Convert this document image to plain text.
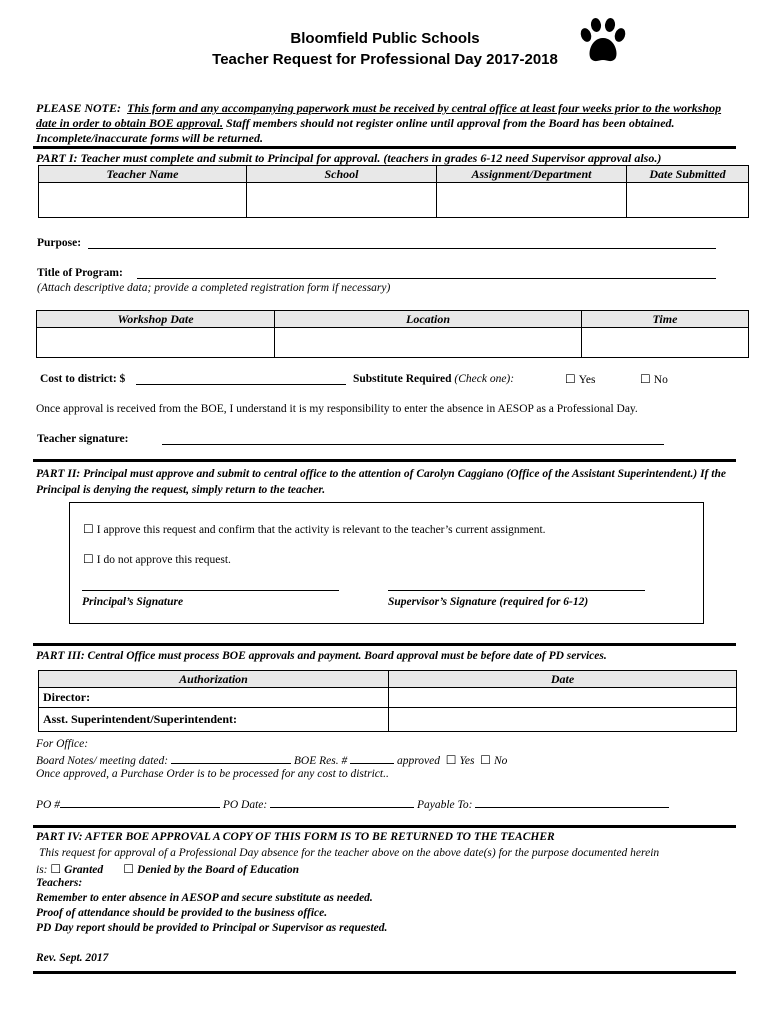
Bloomfield Public Schools
Teacher Request for Professional Day 2017-2018
PLEASE NOTE: This form and any accompanying paperwork must be received by central office at least four weeks prior to the workshop date in order to obtain BOE approval. Staff members should not register online until approval from the Board has been obtained. Incomplete/inaccurate forms will be returned.
PART I: Teacher must complete and submit to Principal for approval. (teachers in grades 6-12 need Supervisor approval also.)
Teacher Name	School	Assignment/Department	Date Submitted

Purpose:
Title of Program:
(Attach descriptive data; provide a completed registration form if necessary)
Workshop Date	Location	Time

Cost to district: $	Substitute Required (Check one):	☐ Yes	☐ No
Once approval is received from the BOE, I understand it is my responsibility to enter the absence in AESOP as a Professional Day.
Teacher signature:
PART II: Principal must approve and submit to central office to the attention of Carolyn Caggiano (Office of the Assistant Superintendent.) If the Principal is denying the request, simply return to the teacher.
☐ I approve this request and confirm that the activity is relevant to the teacher’s current assignment.
☐ I do not approve this request.
Principal’s Signature	Supervisor’s Signature (required for 6-12)
PART III: Central Office must process BOE approvals and payment. Board approval must be before date of PD services.
Authorization	Date
Director:	
Asst. Superintendent/Superintendent:	
For Office:
Board Notes/ meeting dated:	BOE Res. #	approved ☐ Yes ☐ No
Once approved, a Purchase Order is to be processed for any cost to district..
PO #	PO Date:	Payable To:
PART IV: AFTER BOE APPROVAL A COPY OF THIS FORM IS TO BE RETURNED TO THE TEACHER
This request for approval of a Professional Day absence for the teacher above on the above date(s) for the purpose documented herein
is: ☐ Granted ☐ Denied by the Board of Education
Teachers:
Remember to enter absence in AESOP and secure substitute as needed.
Proof of attendance should be provided to the business office.
PD Day report should be provided to Principal or Supervisor as requested.
Rev. Sept. 2017
